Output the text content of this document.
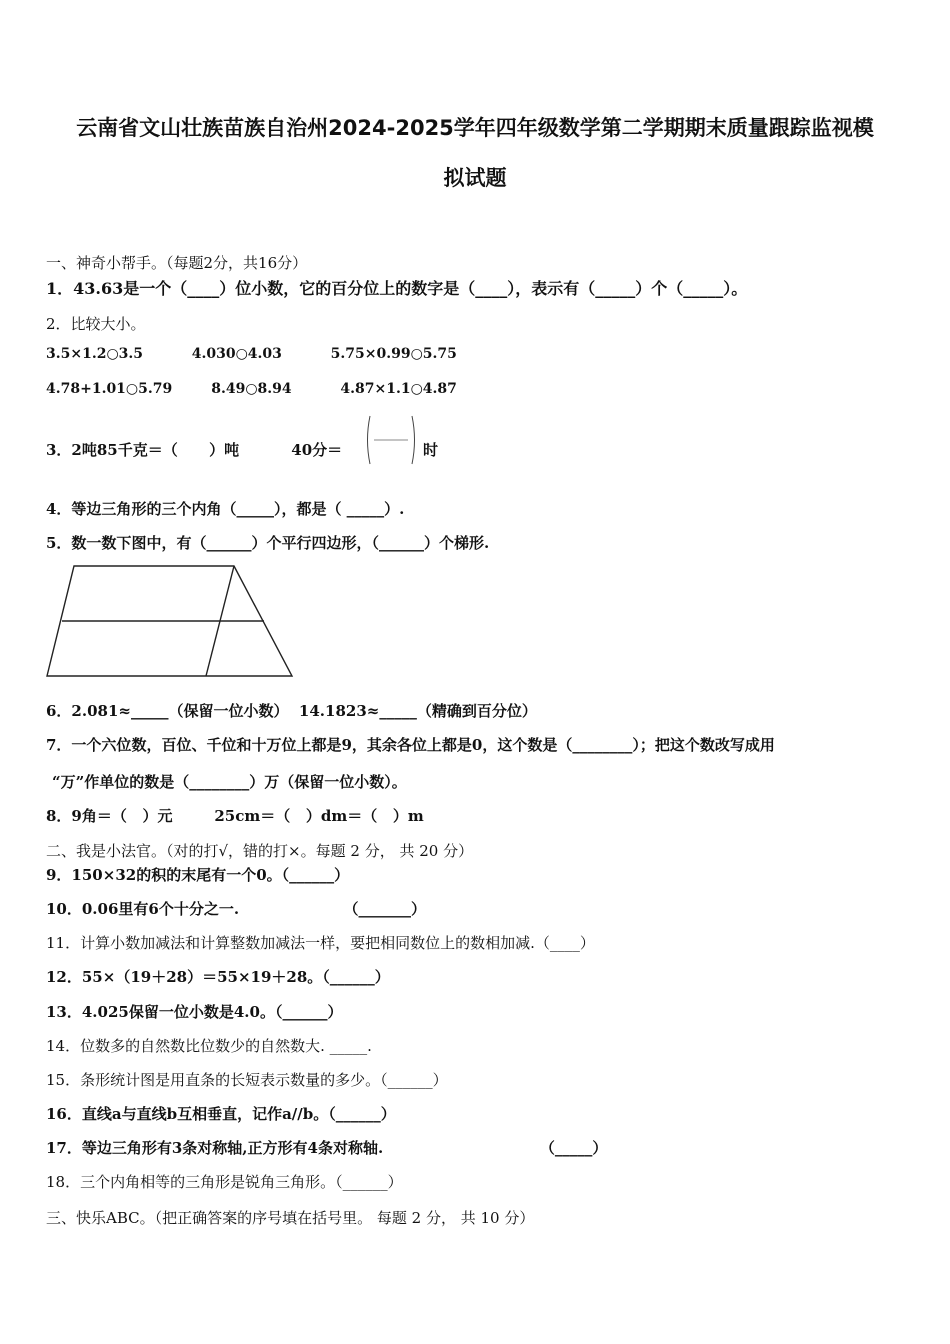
云南省文山壮族苗族自治州2024-2025学年四年级数学第二学期期末质量跟踪监视模
拟试题
一、神奇小帮手。（每题2分，共16分）
1．43.63是一个（____）位小数，它的百分位上的数字是（____），表示有（_____）个（_____）。
2．比较大小。
3.5×1.2○3.5          4.030○4.03          5.75×0.99○5.75
4.78+1.01○5.79        8.49○8.94          4.87×1.1○4.87
3．2吨85千克＝（      ）吨          40分＝	时
4．等边三角形的三个内角（_____），都是（ _____）.
5．数一数下图中，有（______）个平行四边形，（______）个梯形.
6．2.081≈_____（保留一位小数）  14.1823≈_____（精确到百分位）
7．一个六位数，百位、千位和十万位上都是9，其余各位上都是0，这个数是（________）；把这个数改写成用
“万”作单位的数是（________）万（保留一位小数）。
8．9角＝（   ）元        25cm＝（   ）dm＝（   ）m
二、我是小法官。（对的打√，错的打×。每题 2 分， 共 20 分）
9．150×32的积的末尾有一个0。（______）
10．0.06里有6个十分之一.                    （_______）
11．计算小数加减法和计算整数加减法一样，要把相同数位上的数相加减.（____）
12．55×（19＋28）＝55×19＋28。（______）
13．4.025保留一位小数是4.0。（______）
14．位数多的自然数比位数少的自然数大. _____.
15．条形统计图是用直条的长短表示数量的多少。（______）
16．直线a与直线b互相垂直，记作a//b。（______）
17．等边三角形有3条对称轴,正方形有4条对称轴.                              （_____）
18．三个内角相等的三角形是锐角三角形。（______）
三、快乐ABC。（把正确答案的序号填在括号里。 每题 2 分， 共 10 分）
